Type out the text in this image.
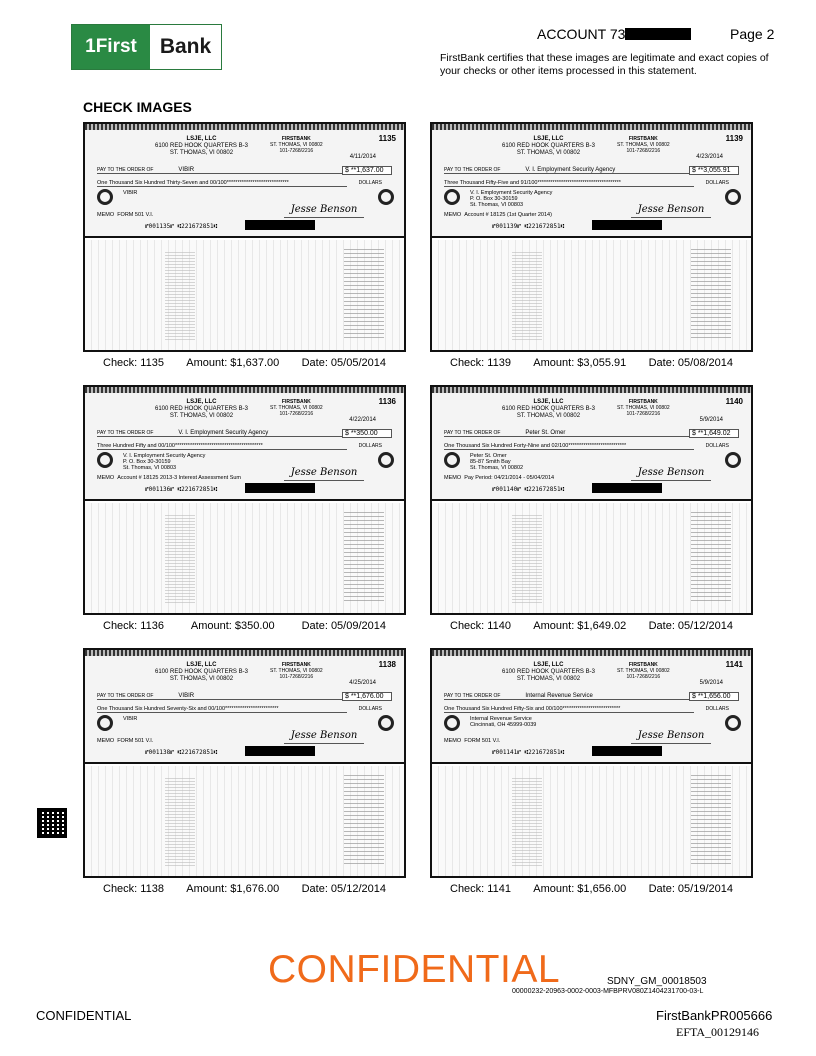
1 First	Bank
ACCOUNT 73	Page 2
FirstBank certifies that these images are legitimate and exact copies of your checks or other items processed in this statement.
CHECK IMAGES
LSJE, LLC
6100 RED HOOK QUARTERS B-3
ST. THOMAS, VI 00802
FIRSTBANK
ST. THOMAS, VI 00802
101-7268/2216
1135
4/11/2014
PAY TO THE ORDER OF	VIBIR	$ **1,637.00
One Thousand Six Hundred Thirty-Seven and 00/100*****************************	DOLLARS
VIBIR
Jesse Benson
MEMO FORM 501 V.I.
⑈001135⑈ ⑆221672851⑆
Check: 1135 Amount: $1,637.00 Date: 05/05/2014
LSJE, LLC
6100 RED HOOK QUARTERS B-3
ST. THOMAS, VI 00802
FIRSTBANK
ST. THOMAS, VI 00802
101-7268/2216
1139
4/23/2014
PAY TO THE ORDER OF	V. I. Employment Security Agency	$ **3,055.91
Three Thousand Fifty-Five and 91/100***************************************	DOLLARS
V. I. Employment Security Agency
P. O. Box 30-30159
St. Thomas, VI 00803	Jesse Benson
MEMO Account # 18125 (1st Quarter 2014)
⑈001139⑈ ⑆221672851⑆
Check: 1139 Amount: $3,055.91 Date: 05/08/2014
LSJE, LLC
6100 RED HOOK QUARTERS B-3
ST. THOMAS, VI 00802
FIRSTBANK
ST. THOMAS, VI 00802
101-7268/2216
1136
4/22/2014
PAY TO THE ORDER OF	V. I. Employment Security Agency	$ **350.00
Three Hundred Fifty and 00/100*****************************************	DOLLARS
V. I. Employment Security Agency
P. O. Box 30-30159
St. Thomas, VI 00803	Jesse Benson
MEMO Account # 18125 2013-3 Interest Assessment Sum
⑈001136⑈ ⑆221672851⑆
Check: 1136 Amount: $350.00 Date: 05/09/2014
LSJE, LLC
6100 RED HOOK QUARTERS B-3
ST. THOMAS, VI 00802
FIRSTBANK
ST. THOMAS, VI 00802
101-7268/2216
1140
5/9/2014
PAY TO THE ORDER OF	Peter St. Omer	$ **1,649.02
One Thousand Six Hundred Forty-Nine and 02/100***************************	DOLLARS
Peter St. Omer
85-87 Smith Bay
St. Thomas, VI 00802	Jesse Benson
MEMO Pay Period: 04/21/2014 - 05/04/2014
⑈001140⑈ ⑆221672851⑆
Check: 1140 Amount: $1,649.02 Date: 05/12/2014
LSJE, LLC
6100 RED HOOK QUARTERS B-3
ST. THOMAS, VI 00802
FIRSTBANK
ST. THOMAS, VI 00802
101-7268/2216
1138
4/25/2014
PAY TO THE ORDER OF	VIBIR	$ **1,676.00
One Thousand Six Hundred Seventy-Six and 00/100*************************	DOLLARS
VIBIR
Jesse Benson
MEMO FORM 501 V.I.
⑈001138⑈ ⑆221672851⑆
Check: 1138 Amount: $1,676.00 Date: 05/12/2014
LSJE, LLC
6100 RED HOOK QUARTERS B-3
ST. THOMAS, VI 00802
FIRSTBANK
ST. THOMAS, VI 00802
101-7268/2216
1141
5/9/2014
PAY TO THE ORDER OF	Internal Revenue Service	$ **1,656.00
One Thousand Six Hundred Fifty-Six and 00/100***************************	DOLLARS
Internal Revenue Service
Cincinnati, OH 45999-0039
Jesse Benson
MEMO FORM 501 V.I.
⑈001141⑈ ⑆221672851⑆
Check: 1141 Amount: $1,656.00 Date: 05/19/2014
CONFIDENTIAL	SDNY_GM_00018503
00000232-20963-0002-0003-MFBPRV080Z1404231700-03-L
CONFIDENTIAL	FirstBankPR005666
EFTA_00129146
